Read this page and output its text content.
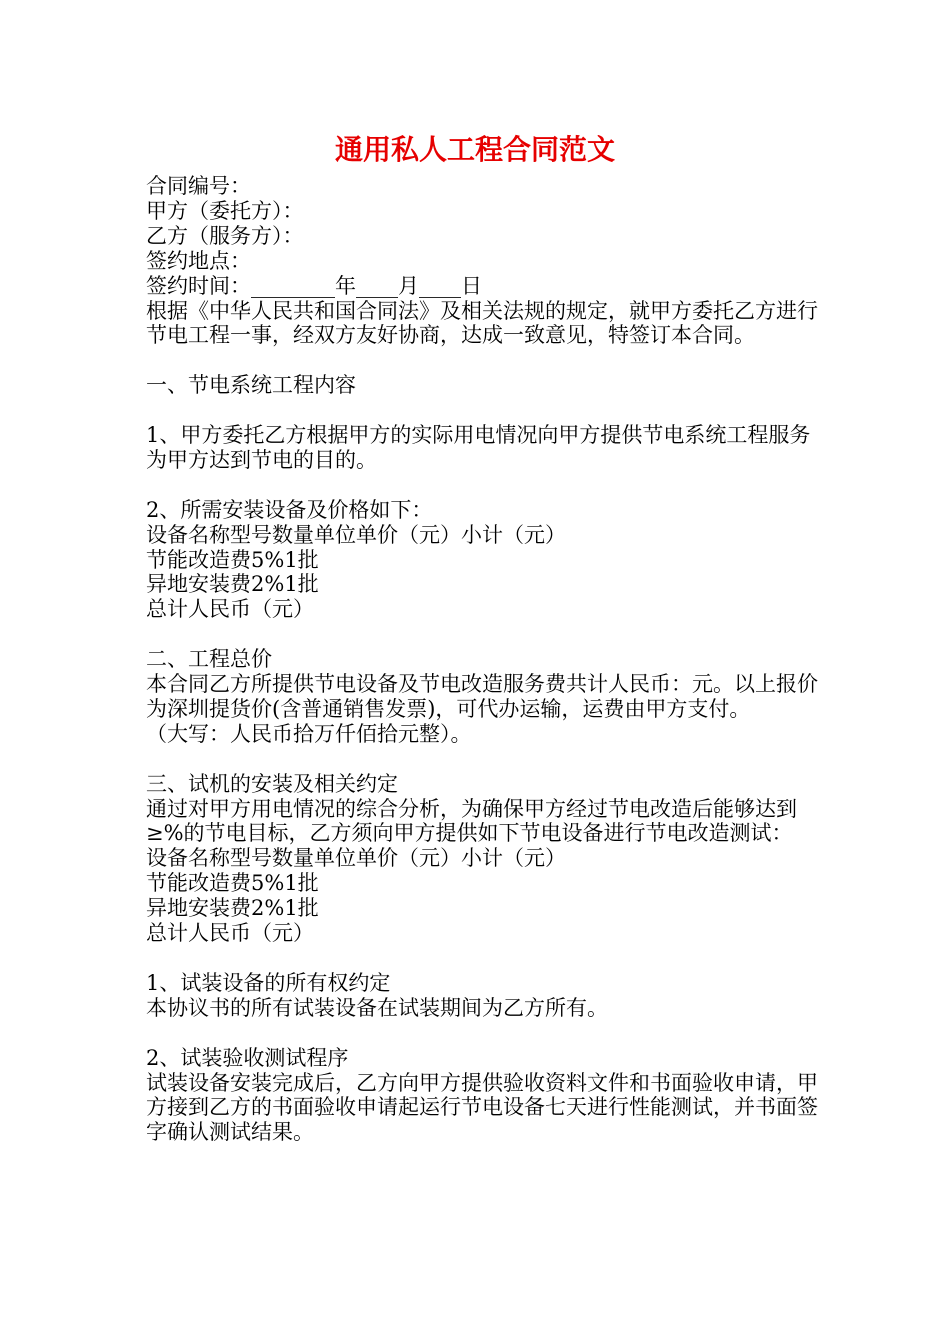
通用私人工程合同范文
合同编号：
甲方（委托方）：
乙方（服务方）：
签约地点：
签约时间：________年____月____日
根据《中华人民共和国合同法》及相关法规的规定，就甲方委托乙方进行节电工程一事，经双方友好协商，达成一致意见，特签订本合同。
一、节电系统工程内容
1、甲方委托乙方根据甲方的实际用电情况向甲方提供节电系统工程服务为甲方达到节电的目的。
2、所需安装设备及价格如下：
设备名称型号数量单位单价（元）小计（元）
节能改造费5%1批
异地安装费2%1批
总计人民币（元）
二、工程总价
本合同乙方所提供节电设备及节电改造服务费共计人民币：元。以上报价为深圳提货价(含普通销售发票)，可代办运输，运费由甲方支付。
（大写：人民币拾万仟佰拾元整）。
三、试机的安装及相关约定
通过对甲方用电情况的综合分析，为确保甲方经过节电改造后能够达到≥%的节电目标，乙方须向甲方提供如下节电设备进行节电改造测试：
设备名称型号数量单位单价（元）小计（元）
节能改造费5%1批
异地安装费2%1批
总计人民币（元）
1、试装设备的所有权约定
本协议书的所有试装设备在试装期间为乙方所有。
2、试装验收测试程序
试装设备安装完成后，乙方向甲方提供验收资料文件和书面验收申请，甲方接到乙方的书面验收申请起运行节电设备七天进行性能测试，并书面签字确认测试结果。
